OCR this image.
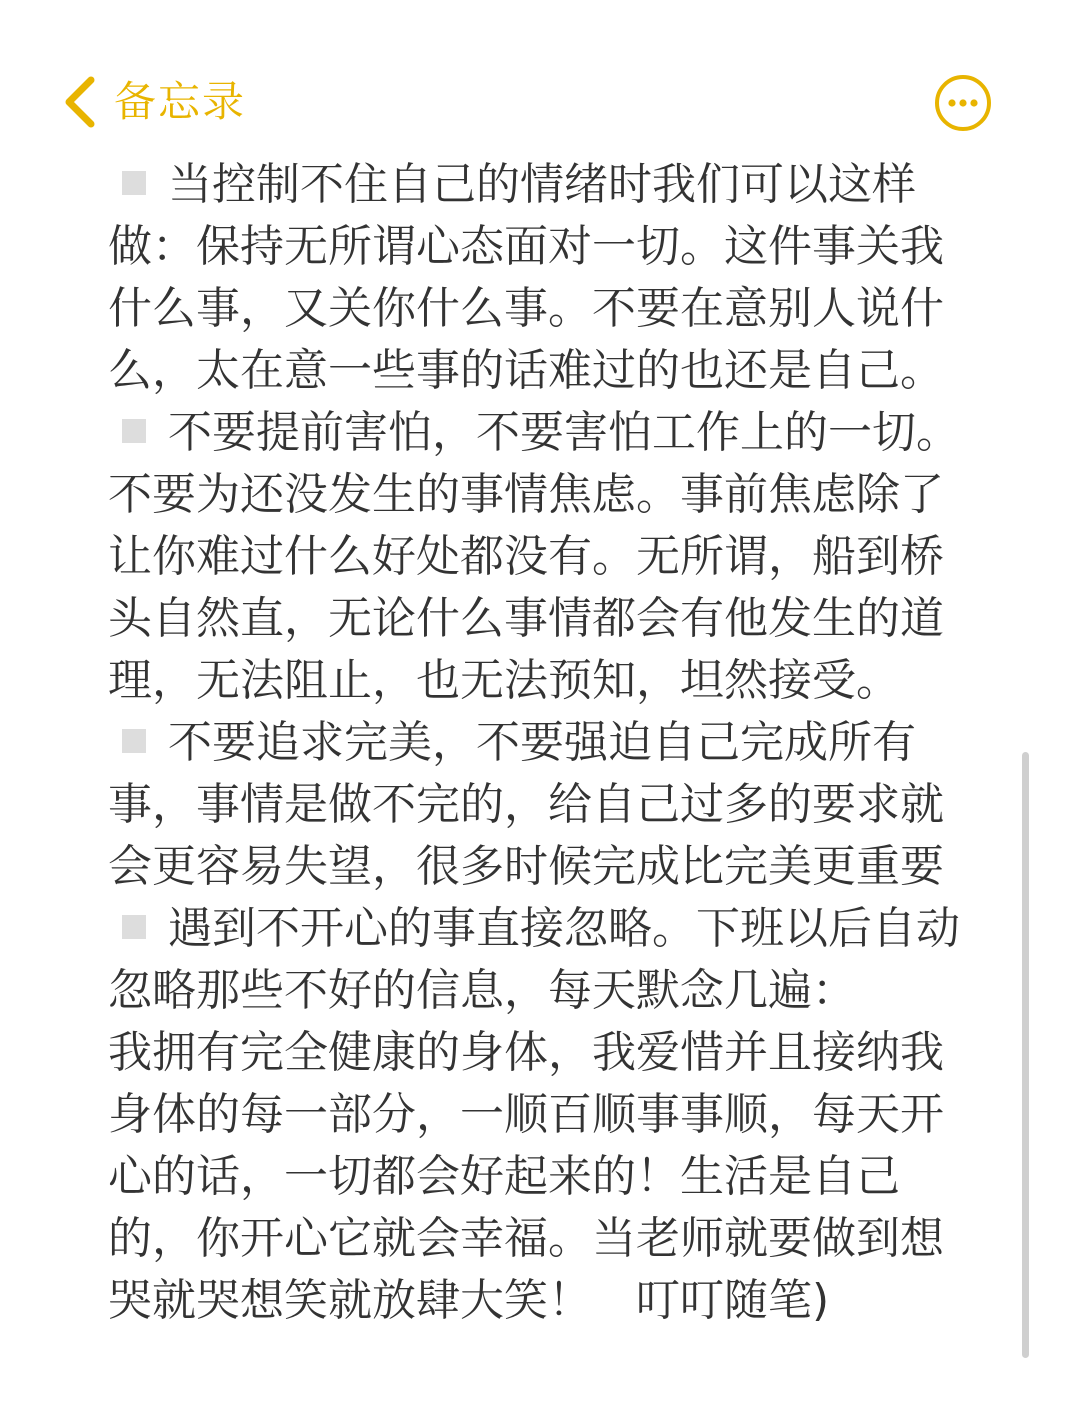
备忘录
当控制不住自己的情绪时我们可以这样
做：保持无所谓心态面对一切。这件事关我
什么事，又关你什么事。不要在意别人说什
么，太在意一些事的话难过的也还是自己。
不要提前害怕，不要害怕工作上的一切。
不要为还没发生的事情焦虑。事前焦虑除了
让你难过什么好处都没有。无所谓，船到桥
头自然直，无论什么事情都会有他发生的道
理，无法阻止，也无法预知，坦然接受。
不要追求完美，不要强迫自己完成所有
事，事情是做不完的，给自己过多的要求就
会更容易失望，很多时候完成比完美更重要
遇到不开心的事直接忽略。下班以后自动
忽略那些不好的信息，每天默念几遍：
我拥有完全健康的身体，我爱惜并且接纳我
身体的每一部分，一顺百顺事事顺，每天开
心的话，一切都会好起来的！生活是自己
的，你开心它就会幸福。当老师就要做到想
哭就哭想笑就放肆大笑！　叮叮随笔)
